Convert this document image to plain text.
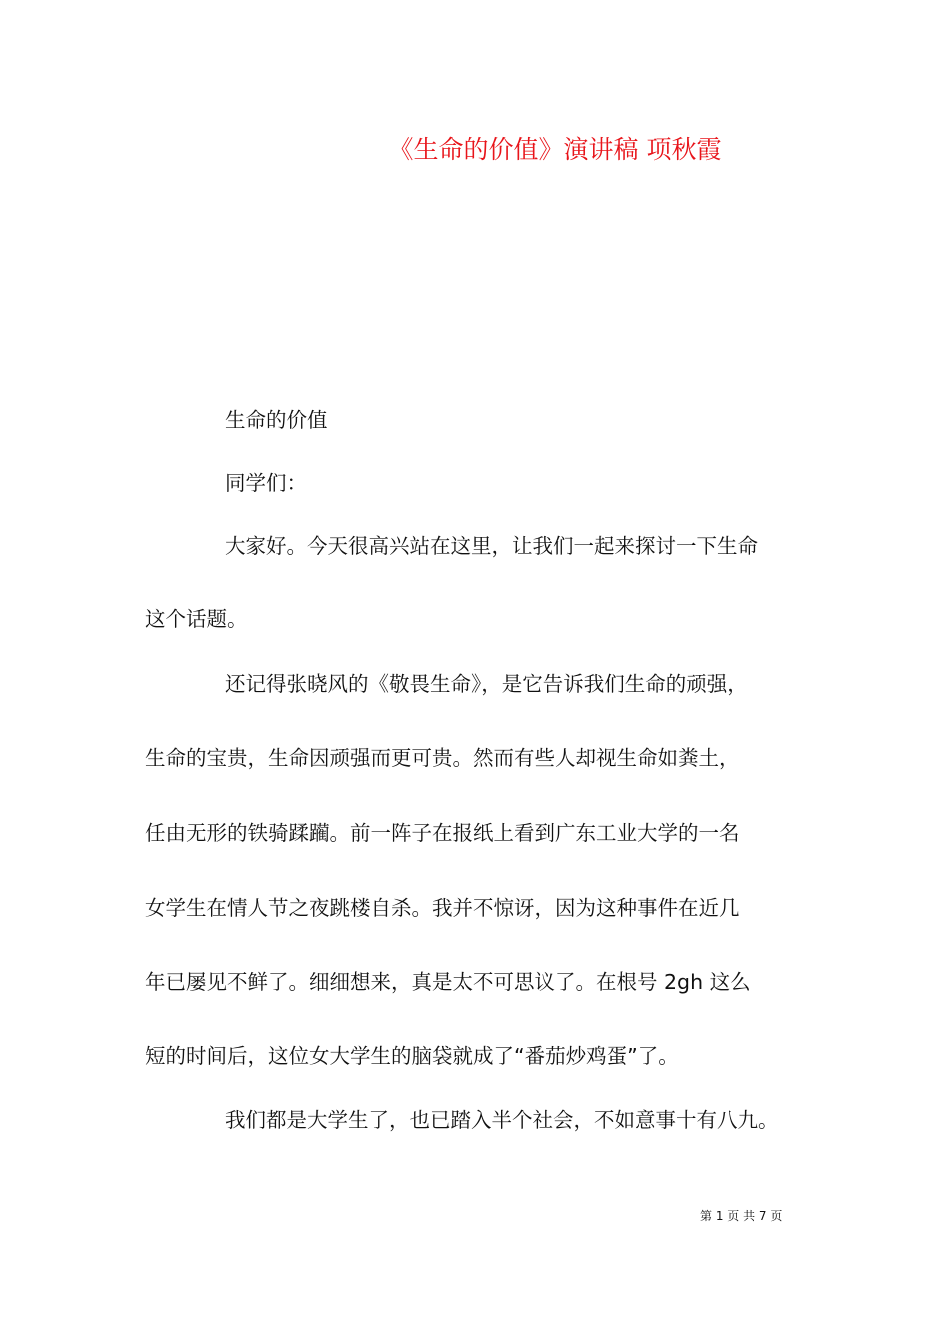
《生命的价值》演讲稿 项秋霞
生命的价值
同学们：
大家好。今天很高兴站在这里，让我们一起来探讨一下生命
这个话题。
还记得张晓风的《敬畏生命》，是它告诉我们生命的顽强，
生命的宝贵，生命因顽强而更可贵。然而有些人却视生命如粪土，
任由无形的铁骑蹂躏。前一阵子在报纸上看到广东工业大学的一名
女学生在情人节之夜跳楼自杀。我并不惊讶，因为这种事件在近几
年已屡见不鲜了。细细想来，真是太不可思议了。在根号 2gh 这么
短的时间后，这位女大学生的脑袋就成了“番茄炒鸡蛋”了。
我们都是大学生了，也已踏入半个社会，不如意事十有八九。
第 1 页 共 7 页
